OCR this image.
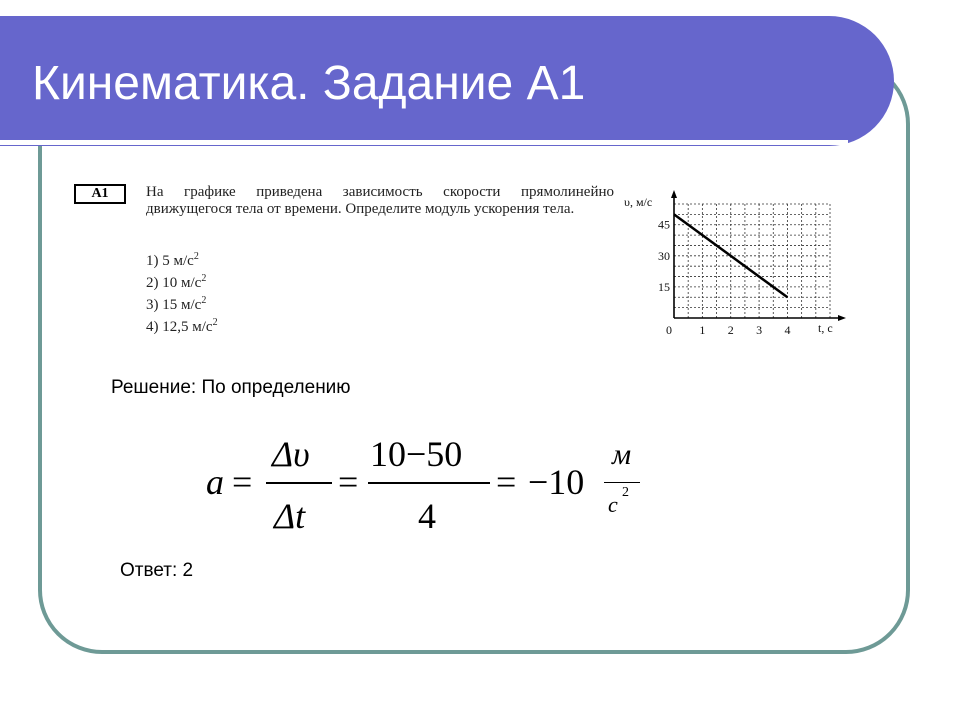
Кинематика. Задание А1
А1	На графике приведена зависимость скорости прямолинейно движущегося тела от времени. Определите модуль ускорения тела.
1) 5 $м/с^2$
2) 10 $м/с^2$
3) 15 $м/с^2$
4) 12,5 $м/с^2$
υ, м/с
t, c
0
15
30
45
1 2 3 4
Решение: По определению
a =
Δυ
Δt
=
10−50
4
= −10
м
с 2
Ответ: 2
